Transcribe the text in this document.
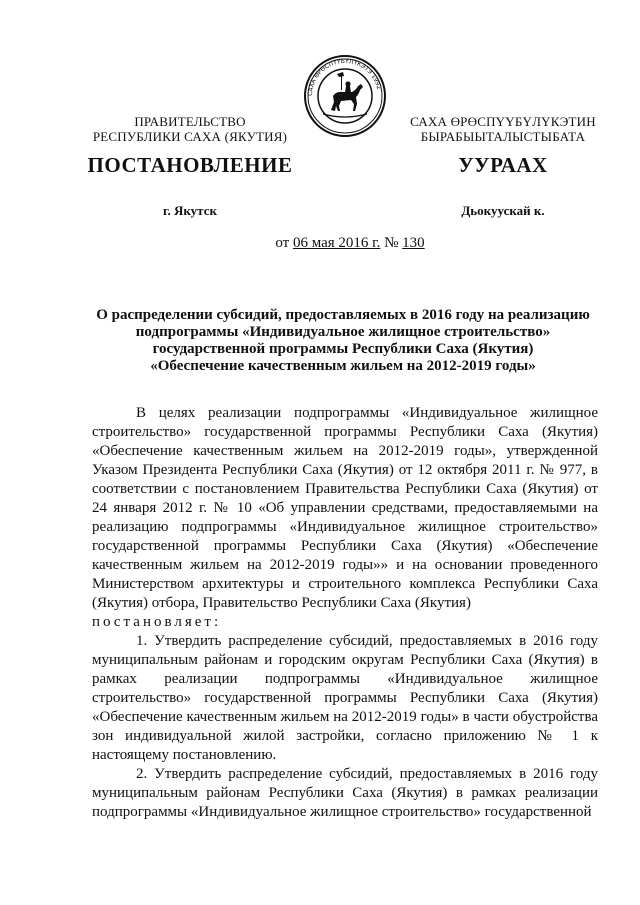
САХА ӨРӨСПҮҮБҮЛҮКЭТЭ 1992
ПРАВИТЕЛЬСТВО
РЕСПУБЛИКИ САХА (ЯКУТИЯ)
САХА ӨРӨСПҮҮБҮЛҮКЭТИН
БЫРАБЫЫТАЛЫСТЫБАТА
ПОСТАНОВЛЕНИЕ	УУРААХ
г. Якутск	Дьокуускай к.
от 06 мая 2016 г. № 130
О распределении субсидий, предоставляемых в 2016 году на реализацию
подпрограммы «Индивидуальное жилищное строительство»
государственной программы Республики Саха (Якутия)
«Обеспечение качественным жильем на 2012-2019 годы»

В целях реализации подпрограммы «Индивидуальное жилищное строительство» государственной программы Республики Саха (Якутия) «Обеспечение качественным жильем на 2012-2019 годы», утвержденной Указом Президента Республики Саха (Якутия) от 12 октября 2011 г. № 977, в соответствии с постановлением Правительства Республики Саха (Якутия) от 24 января 2012 г. № 10 «Об управлении средствами, предоставляемыми на реализацию подпрограммы «Индивидуальное жилищное строительство» государственной программы Республики Саха (Якутия) «Обеспечение качественным жильем на 2012-2019 годы»» и на основании проведенного Министерством архитектуры и строительного комплекса Республики Саха (Якутия) отбора, Правительство Республики Саха (Якутия)

постановляет:

1. Утвердить распределение субсидий, предоставляемых в 2016 году муниципальным районам и городским округам Республики Саха (Якутия) в рамках реализации подпрограммы «Индивидуальное жилищное строительство» государственной программы Республики Саха (Якутия) «Обеспечение качественным жильем на 2012-2019 годы» в части обустройства зон индивидуальной жилой застройки, согласно приложению № 1 к настоящему постановлению.

2. Утвердить распределение субсидий, предоставляемых в 2016 году муниципальным районам Республики Саха (Якутия) в рамках реализации подпрограммы «Индивидуальное жилищное строительство» государственной
